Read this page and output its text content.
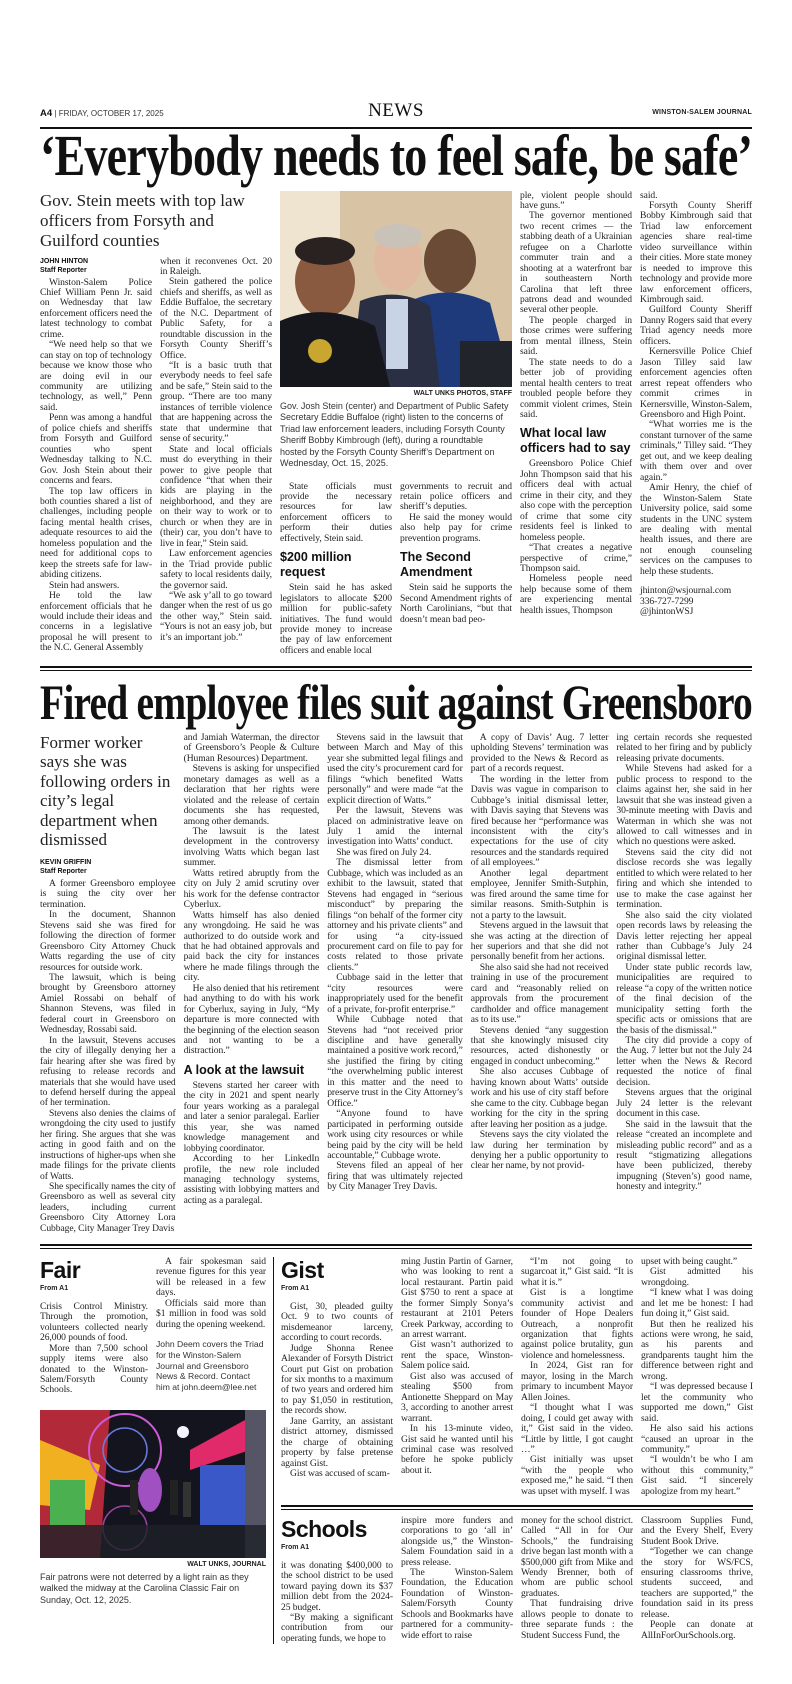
A4 | FRIDAY, OCTOBER 17, 2025	NEWS	WINSTON-SALEM JOURNAL
‘Everybody needs to feel safe, be safe’
Gov. Stein meets with top law officers from Forsyth and Guilford counties
JOHN HINTON
Staff Reporter

Winston-Salem Police Chief William Penn Jr. said on Wednesday that law enforcement officers need the latest technology to combat crime.

“We need help so that we can stay on top of technology because we know those who are doing evil in our community are utilizing technology, as well,” Penn said.

Penn was among a handful of police chiefs and sheriffs from Forsyth and Guilford counties who spent Wednesday talking to N.C. Gov. Josh Stein about their concerns and fears.

The top law officers in both counties shared a list of challenges, including people facing mental health crises, adequate resources to aid the homeless population and the need for additional cops to keep the streets safe for law-abiding citizens.

Stein had answers.

He told the law enforcement officials that he would include their ideas and concerns in a legislative proposal he will present to the N.C. General Assembly

when it reconvenes Oct. 20 in Raleigh.

Stein gathered the police chiefs and sheriffs, as well as Eddie Buffaloe, the secretary of the N.C. Department of Public Safety, for a roundtable discussion in the Forsyth County Sheriff’s Office.

“It is a basic truth that everybody needs to feel safe and be safe,” Stein said to the group. “There are too many instances of terrible violence that are happening across the state that undermine that sense of security.”

State and local officials must do everything in their power to give people that confidence “that when their kids are playing in the neighborhood, and they are on their way to work or to church or when they are in (their) car, you don’t have to live in fear,” Stein said.

Law enforcement agencies in the Triad provide public safety to local residents daily, the governor said.

“We ask y’all to go toward danger when the rest of us go the other way,” Stein said. “Yours is not an easy job, but it’s an important job.”

WALT UNKS PHOTOS, STAFF
Gov. Josh Stein (center) and Department of Public Safety Secretary Eddie Buffaloe (right) listen to the concerns of Triad law enforcement leaders, including Forsyth County Sheriff Bobby Kimbrough (left), during a roundtable hosted by the Forsyth County Sheriff’s Department on Wednesday, Oct. 15, 2025.

State officials must provide the necessary resources for law enforcement officers to perform their duties effectively, Stein said.

$200 million request

Stein said he has asked legislators to allocate $200 million for public-safety initiatives. The fund would provide money to increase the pay of law enforcement officers and enable local

governments to recruit and retain police officers and sheriff’s deputies.

He said the money would also help pay for crime prevention programs.

The Second Amendment

Stein said he supports the Second Amendment rights of North Carolinians, “but that doesn’t mean bad peo-

ple, violent people should have guns.”

The governor mentioned two recent crimes — the stabbing death of a Ukrainian refugee on a Charlotte commuter train and a shooting at a waterfront bar in southeastern North Carolina that left three patrons dead and wounded several other people.

The people charged in those crimes were suffering from mental illness, Stein said.

The state needs to do a better job of providing mental health centers to treat troubled people before they commit violent crimes, Stein said.

What local law officers had to say

Greensboro Police Chief John Thompson said that his officers deal with actual crime in their city, and they also cope with the perception of crime that some city residents feel is linked to homeless people.

“That creates a negative perspective of crime,” Thompson said.

Homeless people need help because some of them are experiencing mental health issues, Thompson

said.

Forsyth County Sheriff Bobby Kimbrough said that Triad law enforcement agencies share real-time video surveillance within their cities. More state money is needed to improve this technology and provide more law enforcement officers, Kimbrough said.

Guilford County Sheriff Danny Rogers said that every Triad agency needs more officers.

Kernersville Police Chief Jason Tilley said law enforcement agencies often arrest repeat offenders who commit crimes in Kernersville, Winston-Salem, Greensboro and High Point.

“What worries me is the constant turnover of the same criminals,” Tilley said. “They get out, and we keep dealing with them over and over again.”

Amir Henry, the chief of the Winston-Salem State University police, said some students in the UNC system are dealing with mental health issues, and there are not enough counseling services on the campuses to help these students.

jhinton@wsjournal.com

336-727-7299

@jhintonWSJ

Fired employee files suit against Greensboro
Former worker says she was following orders in city’s legal department when dismissed
KEVIN GRIFFIN
Staff Reporter

A former Greensboro employee is suing the city over her termination.

In the document, Shannon Stevens said she was fired for following the direction of former Greensboro City Attorney Chuck Watts regarding the use of city resources for outside work.

The lawsuit, which is being brought by Greensboro attorney Amiel Rossabi on behalf of Shannon Stevens, was filed in federal court in Greensboro on Wednesday, Rossabi said.

In the lawsuit, Stevens accuses the city of illegally denying her a fair hearing after she was fired by refusing to release records and materials that she would have used to defend herself during the appeal of her termination.

Stevens also denies the claims of wrongdoing the city used to justify her firing. She argues that she was acting in good faith and on the instructions of higher-ups when she made filings for the private clients of Watts.

She specifically names the city of Greensboro as well as several city leaders, including current Greensboro City Attorney Lora Cubbage, City Manager Trey Davis

and Jamiah Waterman, the director of Greensboro’s People & Culture (Human Resources) Department.

Stevens is asking for unspecified monetary damages as well as a declaration that her rights were violated and the release of certain documents she has requested, among other demands.

The lawsuit is the latest development in the controversy involving Watts which began last summer.

Watts retired abruptly from the city on July 2 amid scrutiny over his work for the defense contractor Cyberlux.

Watts himself has also denied any wrongdoing. He said he was authorized to do outside work and that he had obtained approvals and paid back the city for instances where he made filings through the city.

He also denied that his retirement had anything to do with his work for Cyberlux, saying in July, “My departure is more connected with the beginning of the election season and not wanting to be a distraction.”

A look at the lawsuit

Stevens started her career with the city in 2021 and spent nearly four years working as a paralegal and later a senior paralegal. Earlier this year, she was named knowledge management and lobbying coordinator.

According to her LinkedIn profile, the new role included managing technology systems, assisting with lobbying matters and acting as a paralegal.

Stevens said in the lawsuit that between March and May of this year she submitted legal filings and used the city’s procurement card for filings “which benefited Watts personally” and were made “at the explicit direction of Watts.”

Per the lawsuit, Stevens was placed on administrative leave on July 1 amid the internal investigation into Watts’ conduct.

She was fired on July 24.

The dismissal letter from Cubbage, which was included as an exhibit to the lawsuit, stated that Stevens had engaged in “serious misconduct” by preparing the filings “on behalf of the former city attorney and his private clients” and for using “a city-issued procurement card on file to pay for costs related to those private clients.”

Cubbage said in the letter that “city resources were inappropriately used for the benefit of a private, for-profit enterprise.”

While Cubbage noted that Stevens had “not received prior discipline and have generally maintained a positive work record,” she justified the firing by citing “the overwhelming public interest in this matter and the need to preserve trust in the City Attorney’s Office.”

“Anyone found to have participated in performing outside work using city resources or while being paid by the city will be held accountable,” Cubbage wrote.

Stevens filed an appeal of her firing that was ultimately rejected by City Manager Trey Davis.

A copy of Davis’ Aug. 7 letter upholding Stevens’ termination was provided to the News & Record as part of a records request.

The wording in the letter from Davis was vague in comparison to Cubbage’s initial dismissal letter, with Davis saying that Stevens was fired because her “performance was inconsistent with the city’s expectations for the use of city resources and the standards required of all employees.”

Another legal department employee, Jennifer Smith-Sutphin, was fired around the same time for similar reasons. Smith-Sutphin is not a party to the lawsuit.

Stevens argued in the lawsuit that she was acting at the direction of her superiors and that she did not personally benefit from her actions.

She also said she had not received training in use of the procurement card and “reasonably relied on approvals from the procurement cardholder and office management as to its use.”

Stevens denied “any suggestion that she knowingly misused city resources, acted dishonestly or engaged in conduct unbecoming.”

She also accuses Cubbage of having known about Watts’ outside work and his use of city staff before she came to the city. Cubbage began working for the city in the spring after leaving her position as a judge.

Stevens says the city violated the law during her termination by denying her a public opportunity to clear her name, by not provid-

ing certain records she requested related to her firing and by publicly releasing private documents.

While Stevens had asked for a public process to respond to the claims against her, she said in her lawsuit that she was instead given a 30-minute meeting with Davis and Waterman in which she was not allowed to call witnesses and in which no questions were asked.

Stevens said the city did not disclose records she was legally entitled to which were related to her firing and which she intended to use to make the case against her termination.

She also said the city violated open records laws by releasing the Davis letter rejecting her appeal rather than Cubbage’s July 24 original dismissal letter.

Under state public records law, municipalities are required to release “a copy of the written notice of the final decision of the municipality setting forth the specific acts or omissions that are the basis of the dismissal.”

The city did provide a copy of the Aug. 7 letter but not the July 24 letter when the News & Record requested the notice of final decision.

Stevens argues that the original July 24 letter is the relevant document in this case.

She said in the lawsuit that the release “created an incomplete and misleading public record” and as a result “stigmatizing allegations have been publicized, thereby impugning (Steven’s) good name, honesty and integrity.”

Fair
From A1

Crisis Control Ministry. Through the promotion, volunteers collected nearly 26,000 pounds of food.

More than 7,500 school supply items were also donated to the Winston-Salem/Forsyth County Schools.

A fair spokesman said revenue figures for this year will be released in a few days.

Officials said more than $1 million in food was sold during the opening weekend.

John Deem covers the Triad for the Winston-Salem Journal and Greensboro News & Record. Contact him at john.deem@lee.net
WALT UNKS, JOURNAL
Fair patrons were not deterred by a light rain as they walked the midway at the Carolina Classic Fair on Sunday, Oct. 12, 2025.
Gist
From A1

Gist, 30, pleaded guilty Oct. 9 to two counts of misdemeanor larceny, according to court records.

Judge Shonna Renee Alexander of Forsyth District Court put Gist on probation for six months to a maximum of two years and ordered him to pay $1,050 in restitution, the records show.

Jane Garrity, an assistant district attorney, dismissed the charge of obtaining property by false pretense against Gist.

Gist was accused of scam-

ming Justin Partin of Garner, who was looking to rent a local restaurant. Partin paid Gist $750 to rent a space at the former Simply Sonya’s restaurant at 2101 Peters Creek Parkway, according to an arrest warrant.

Gist wasn’t authorized to rent the space, Winston-Salem police said.

Gist also was accused of stealing $500 from Antionette Sheppard on May 3, according to another arrest warrant.

In his 13-minute video, Gist said he wanted until his criminal case was resolved before he spoke publicly about it.

“I’m not going to sugarcoat it,” Gist said. “It is what it is.”

Gist is a longtime community activist and founder of Hope Dealers Outreach, a nonprofit organization that fights against police brutality, gun violence and homelessness.

In 2024, Gist ran for mayor, losing in the March primary to incumbent Mayor Allen Joines.

“I thought what I was doing, I could get away with it,” Gist said in the video. “Little by little, I got caught …”

Gist initially was upset “with the people who exposed me,” he said. “I then was upset with myself. I was

upset with being caught.”

Gist admitted his wrongdoing.

“I knew what I was doing and let me be honest: I had fun doing it,” Gist said.

But then he realized his actions were wrong, he said, as his parents and grandparents taught him the difference between right and wrong.

“I was depressed because I let the community who supported me down,” Gist said.

He also said his actions “caused an uproar in the community.”

“I wouldn’t be who I am without this community,” Gist said. “I sincerely apologize from my heart.”

Schools
From A1

it was donating $400,000 to the school district to be used toward paying down its $37 million debt from the 2024-25 budget.

“By making a significant contribution from our operating funds, we hope to

inspire more funders and corporations to go ‘all in’ alongside us,” the Winston-Salem Foundation said in a press release.

The Winston-Salem Foundation, the Education Foundation of Winston-Salem/Forsyth County Schools and Bookmarks have partnered for a community-wide effort to raise

money for the school district. Called “All in for Our Schools,” the fundraising drive began last month with a $500,000 gift from Mike and Wendy Brenner, both of whom are public school graduates.

That fundraising drive allows people to donate to three separate funds : the Student Success Fund, the

Classroom Supplies Fund, and the Every Shelf, Every Student Book Drive.

“Together we can change the story for WS/FCS, ensuring classrooms thrive, students succeed, and teachers are supported,” the foundation said in its press release.

People can donate at AllInForOurSchools.org.
